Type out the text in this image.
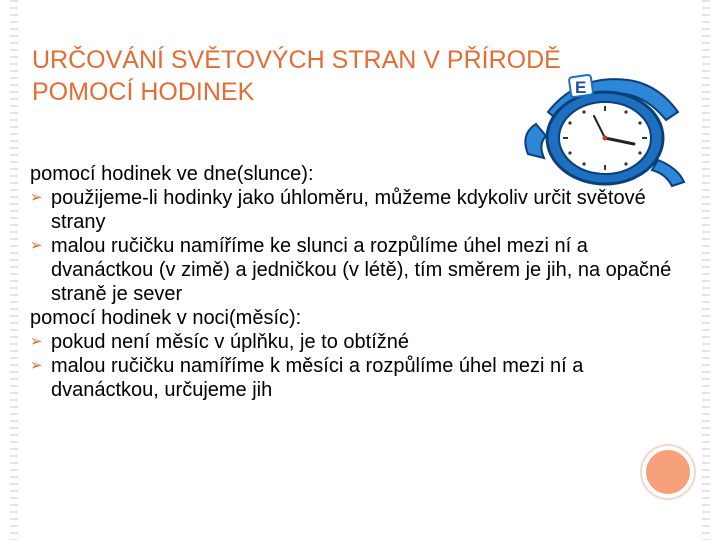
URČOVÁNÍ SVĚTOVÝCH STRAN V PŘÍRODĚ
POMOCÍ HODINEK	E

pomocí hodinek ve dne(slunce):

➢ použijeme-li hodinky jako úhloměru, můžeme kdykoliv určit světové strany

➢ malou ručičku namíříme ke slunci a rozpůlíme úhel mezi ní a dvanáctkou (v zimě) a jedničkou (v létě), tím směrem je jih, na opačné straně je sever

pomocí hodinek v noci(měsíc):

➢ pokud není měsíc v úplňku, je to obtížné

➢ malou ručičku namíříme k měsíci a rozpůlíme úhel mezi ní a dvanáctkou, určujeme jih
